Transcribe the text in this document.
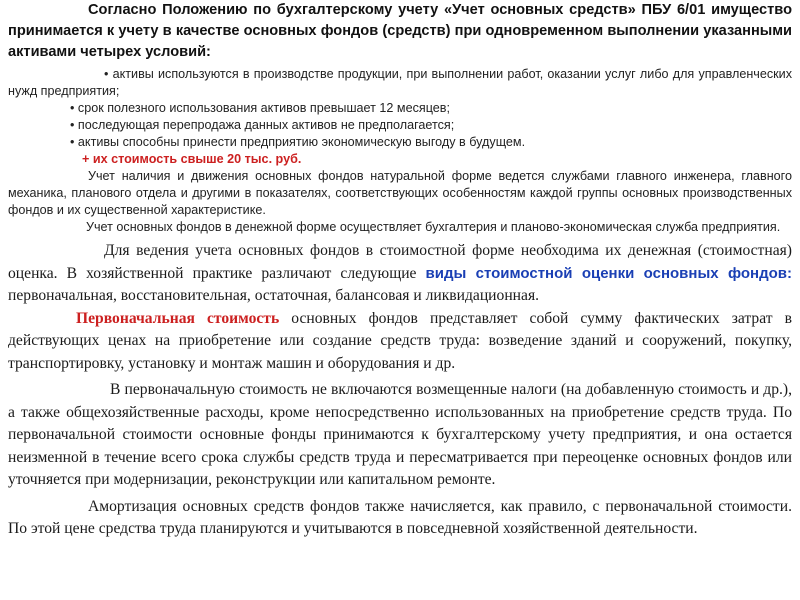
Согласно Положению по бухгалтерскому учету «Учет основных средств» ПБУ 6/01 имущество принимается к учету в качестве основных фондов (средств) при одновременном выполнении указанными активами четырех условий:

• активы используются в производстве продукции, при выполнении работ, оказании услуг либо для управленческих нужд предприятия;

• срок полезного использования активов превышает 12 месяцев;

• последующая перепродажа данных активов не предполагается;

• активы способны принести предприятию экономическую выгоду в будущем.

+ их стоимость свыше 20 тыс. руб.

Учет наличия и движения основных фондов натуральной форме ведется службами главного инженера, главного механика, планового отдела и другими в показателях, соответствующих особенностям каждой группы основных производственных фондов и их существенной характеристике.

Учет основных фондов в денежной форме осуществляет бухгалтерия и планово-экономическая служба предприятия.

Для ведения учета основных фондов в стоимостной форме необходима их денежная (стоимостная) оценка. В хозяйственной практике различают следующие виды стоимостной оценки основных фондов: первоначальная, восстановительная, остаточная, балансовая и ликвидационная.

Первоначальная стоимость основных фондов представляет собой сумму фактических затрат в действующих ценах на приобретение или создание средств труда: возведение зданий и сооружений, покупку, транспортировку, установку и монтаж машин и оборудования и др.

В первоначальную стоимость не включаются возмещенные налоги (на добавленную стоимость и др.), а также общехозяйственные расходы, кроме непосредственно использованных на приобретение средств труда. По первоначальной стоимости основные фонды принимаются к бухгалтерскому учету предприятия, и она остается неизменной в течение всего срока службы средств труда и пересматривается при переоценке основных фондов или уточняется при модернизации, реконструкции или капитальном ремонте.

Амортизация основных средств фондов также начисляется, как правило, с первоначальной стоимости. По этой цене средства труда планируются и учитываются в повседневной хозяйственной деятельности.
